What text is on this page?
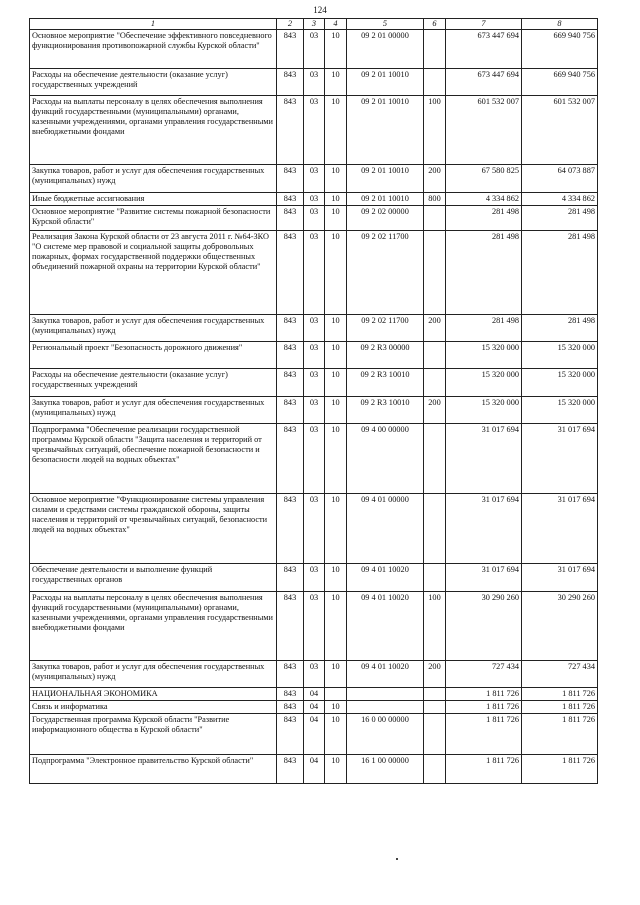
124
1	2	3	4	5	6	7	8
Основное мероприятие "Обеспечение эффективного повседневного функционирования противопожарной службы Курской области"	843	03	10	09 2 01 00000		673 447 694	669 940 756
Расходы на обеспечение деятельности (оказание услуг) государственных учреждений	843	03	10	09 2 01 10010		673 447 694	669 940 756
Расходы на выплаты персоналу в целях обеспечения выполнения функций государственными (муниципальными) органами, казенными учреждениями, органами управления государственными внебюджетными фондами	843	03	10	09 2 01 10010	100	601 532 007	601 532 007
Закупка товаров, работ и услуг для обеспечения государственных (муниципальных) нужд	843	03	10	09 2 01 10010	200	67 580 825	64 073 887
Иные бюджетные ассигнования	843	03	10	09 2 01 10010	800	4 334 862	4 334 862
Основное мероприятие "Развитие системы пожарной безопасности Курской области"	843	03	10	09 2 02 00000		281 498	281 498
Реализация Закона Курской области от 23 августа 2011 г. №64-ЗКО "О системе мер правовой и социальной защиты добровольных пожарных, формах государственной поддержки общественных объединений пожарной охраны на территории Курской области"	843	03	10	09 2 02 11700		281 498	281 498
Закупка товаров, работ и услуг для обеспечения государственных (муниципальных) нужд	843	03	10	09 2 02 11700	200	281 498	281 498
Региональный проект "Безопасность дорожного движения"	843	03	10	09 2 R3 00000		15 320 000	15 320 000
Расходы на обеспечение деятельности (оказание услуг) государственных учреждений	843	03	10	09 2 R3 10010		15 320 000	15 320 000
Закупка товаров, работ и услуг для обеспечения государственных (муниципальных) нужд	843	03	10	09 2 R3 10010	200	15 320 000	15 320 000
Подпрограмма "Обеспечение реализации государственной программы Курской области "Защита населения и территорий от чрезвычайных ситуаций, обеспечение пожарной безопасности и безопасности людей на водных объектах"	843	03	10	09 4 00 00000		31 017 694	31 017 694
Основное мероприятие "Функционирование системы управления силами и средствами системы гражданской обороны, защиты населения и территорий от чрезвычайных ситуаций, безопасности людей на водных объектах"	843	03	10	09 4 01 00000		31 017 694	31 017 694
Обеспечение деятельности и выполнение функций государственных органов	843	03	10	09 4 01 10020		31 017 694	31 017 694
Расходы на выплаты персоналу в целях обеспечения выполнения функций государственными (муниципальными) органами, казенными учреждениями, органами управления государственными внебюджетными фондами	843	03	10	09 4 01 10020	100	30 290 260	30 290 260
Закупка товаров, работ и услуг для обеспечения государственных (муниципальных) нужд	843	03	10	09 4 01 10020	200	727 434	727 434
НАЦИОНАЛЬНАЯ ЭКОНОМИКА	843	04				1 811 726	1 811 726
Связь и информатика	843	04	10			1 811 726	1 811 726
Государственная программа Курской области "Развитие информационного общества в Курской области"	843	04	10	16 0 00 00000		1 811 726	1 811 726
Подпрограмма "Электронное правительство Курской области"	843	04	10	16 1 00 00000		1 811 726	1 811 726
